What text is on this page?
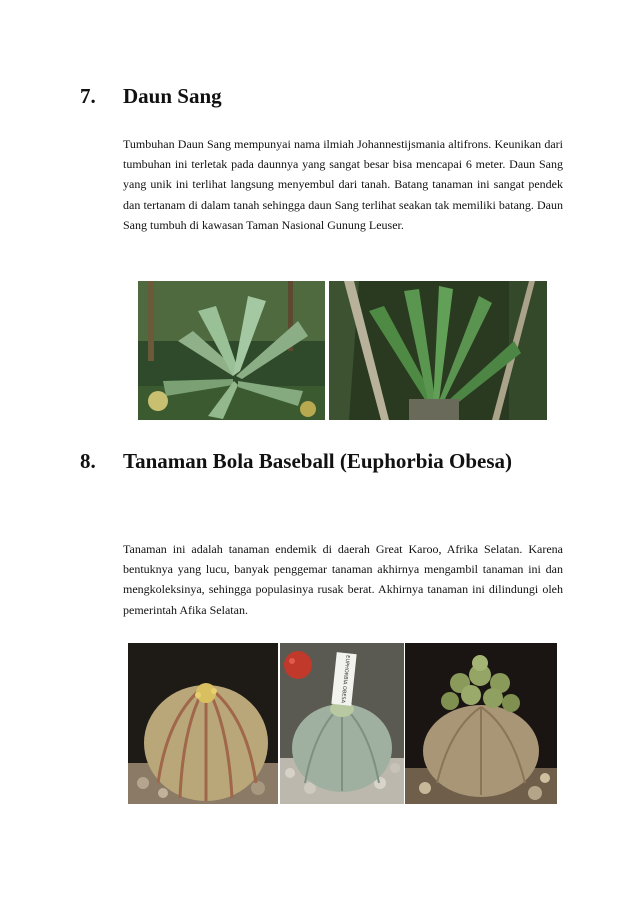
7. Daun Sang

Tumbuhan Daun Sang mempunyai nama ilmiah Johannestijsmania altifrons. Keunikan dari tumbuhan ini terletak pada daunnya yang sangat besar bisa mencapai 6 meter. Daun Sang yang unik ini terlihat langsung menyembul dari tanah. Batang tanaman ini sangat pendek dan tertanam di dalam tanah sehingga daun Sang terlihat seakan tak memiliki batang. Daun Sang tumbuh di kawasan Taman Nasional Gunung Leuser.

8. Tanaman Bola Baseball (Euphorbia Obesa)

Tanaman ini adalah tanaman endemik di daerah Great Karoo, Afrika Selatan. Karena bentuknya yang lucu, banyak penggemar tanaman akhirnya mengambil tanaman ini dan mengkoleksinya, sehingga populasinya rusak berat. Akhirnya tanaman ini dilindungi oleh pemerintah Afika Selatan.

EUPHORBIA OBESA
